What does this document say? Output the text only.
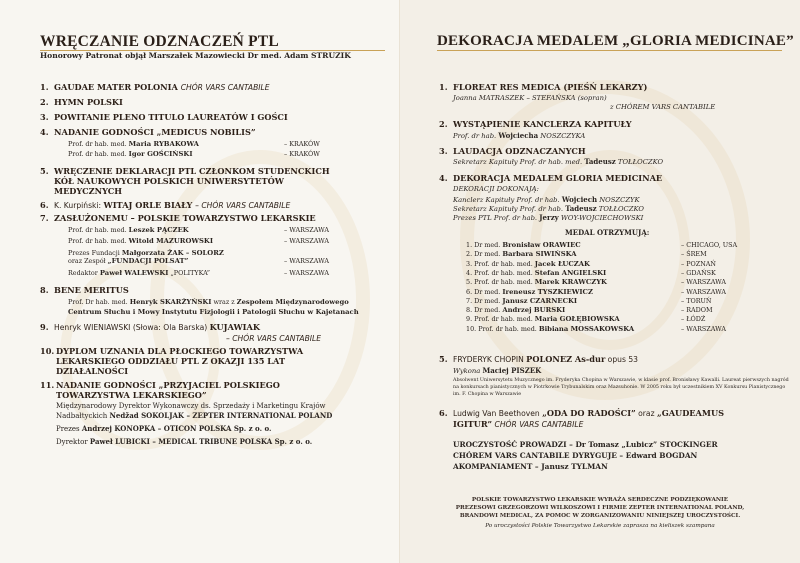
WRĘCZANIE ODZNACZEŃ PTL
Honorowy Patronat objął Marszałek Mazowiecki Dr med. Adam STRUZIK
1. GAUDAE MATER POLONIA CHÓR VARS CANTABILE
2. HYMN POLSKI
3. POWITANIE PLENO TITULO LAUREATÓW I GOŚCI
4. NADANIE GODNOŚCI „MEDICUS NOBILIS”
Prof. dr hab. med. Maria RYBAKOWA	– KRAKÓW
Prof. dr hab. med. Igor GOŚCIŃSKI	– KRAKÓW
5. WRĘCZENIE DEKLARACJI PTL CZŁONKOM STUDENCKICH
KÓŁ NAUKOWYCH POLSKICH UNIWERSYTETÓW
MEDYCZNYCH
6. K. Kurpiński: WITAJ ORLE BIAŁY – CHÓR VARS CANTABILE
7. ZASŁUŻONEMU – POLSKIE TOWARZYSTWO LEKARSKIE
Prof. dr hab. med. Leszek PĄCZEK	– WARSZAWA
Prof. dr hab. med. Witold MAZUROWSKI	– WARSZAWA
Prezes Fundacji Małgorzata ŻAK – SOLORZ
oraz Zespół „FUNDACJI POLSAT”	– WARSZAWA
Redaktor Paweł WALEWSKI „POLITYKA”	– WARSZAWA
8. BENE MERITUS
Prof. Dr hab. med. Henryk SKARŻYŃSKI wraz z Zespołem Międzynarodowego
Centrum Słuchu i Mowy Instytutu Fizjologii i Patologii Słuchu w Kajetanach
9. Henryk WIENIAWSKI (Słowa: Ola Barska) KUJAWIAK
– CHÓR VARS CANTABILE
10. DYPLOM UZNANIA DLA PŁOCKIEGO TOWARZYSTWA
LEKARSKIEGO ODDZIAŁU PTL Z OKAZJI 135 LAT
DZIAŁALNOŚCI
11. NADANIE GODNOŚCI „PRZYJACIEL POLSKIEGO
TOWARZYSTWA LEKARSKIEGO”
Międzynarodowy Dyrektor Wykonawczy ds. Sprzedaży i Marketingu Krajów
Nadbałtyckich Nedžad SOKOLJAK – ZEPTER INTERNATIONAL POLAND
Prezes Andrzej KONOPKA – OTICON POLSKA Sp. z o. o.
Dyrektor Paweł LUBICKI – MEDICAL TRIBUNE POLSKA Sp. z o. o.
DEKORACJA MEDALEM „GLORIA MEDICINAE”
1. FLOREAT RES MEDICA (PIEŚŃ LEKARZY)
Joanna MATRASZEK – STEFAŃSKA (sopran)
z CHÓREM VARS CANTABILE
2. WYSTĄPIENIE KANCLERZA KAPITUŁY
Prof. dr hab. Wojciecha NOSZCZYKA
3. LAUDACJA ODZNACZANYCH
Sekretarz Kapituły Prof. dr hab. med. Tadeusz TOŁŁOCZKO
4. DEKORACJA MEDALEM GLORIA MEDICINAE
DEKORACJI DOKONAJĄ:
Kanclerz Kapituły Prof. dr hab. Wojciech NOSZCZYK
Sekretarz Kapituły Prof. dr hab. Tadeusz TOŁŁOCZKO
Prezes PTL Prof. dr hab. Jerzy WOY-WOJCIECHOWSKI
MEDAL OTRZYMUJĄ:
1. Dr med. Bronisław ORAWIEC	– CHICAGO, USA
2. Dr med. Barbara SIWIŃSKA	– ŚREM
3. Prof. dr hab. med. Jacek ŁUCZAK	– POZNAŃ
4. Prof. dr hab. med. Stefan ANGIELSKI	– GDAŃSK
5. Prof. dr hab. med. Marek KRAWCZYK	– WARSZAWA
6. Dr med. Ireneusz TYSZKIEWICZ	– WARSZAWA
7. Dr med. Janusz CZARNECKI	– TORUŃ
8. Dr med. Andrzej BURSKI	– RADOM
9. Prof. dr hab. med. Maria GOŁĘBIOWSKA	– ŁÓDŹ
10. Prof. dr hab. med. Bibiana MOSSAKOWSKA	– WARSZAWA
5. FRYDERYK CHOPIN POLONEZ As-dur opus 53
Wykona Maciej PISZEK
Absolwent Uniwersytetu Muzycznego im. Fryderyka Chopina w Warszawie, w klasie prof. Bronisławy Kawalli. Laureat pierwszych nagród
na konkursach pianistycznych w Piotrkowie Trybunalskim oraz Mazsuhonie. W 2005 roku był uczestnikiem XV Konkursu Pianistycznego
im. F. Chopina w Warszawie
6. Ludwig Van Beethoven „ODA DO RADOŚCI” oraz „GAUDEAMUS
IGITUR” CHÓR VARS CANTABILE
UROCZYSTOŚĆ PROWADZI – Dr Tomasz „Lubicz” STOCKINGER
CHÓREM VARS CANTABILE DYRYGUJE – Edward BOGDAN
AKOMPANIAMENT – Janusz TYLMAN
POLSKIE TOWARZYSTWO LEKARSKIE WYRAŻA SERDECZNE PODZIĘKOWANIE
PREZESOWI GRZEGORZOWI WILKOSZOWI I FIRMIE ZEPTER INTERNATIONAL POLAND,
BRANDOWI MEDICAL, ZA POMOC W ZORGANIZOWANIU NINIEJSZEJ UROCZYSTOŚCI.
Po uroczystości Polskie Towarzystwo Lekarskie zaprasza na kieliszek szampana
